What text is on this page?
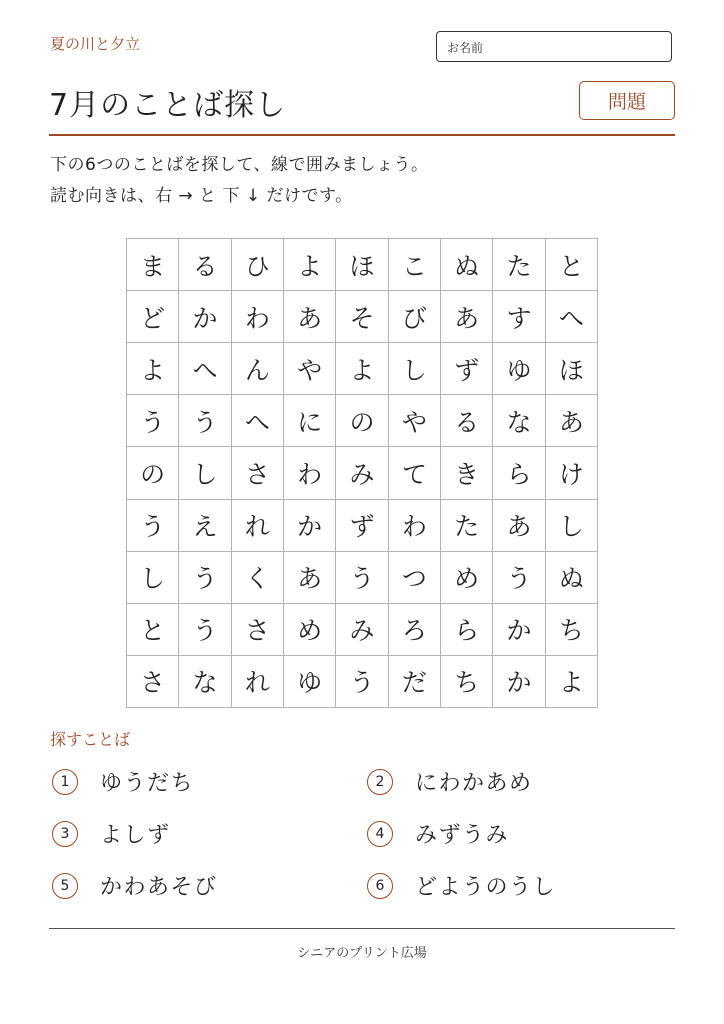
夏の川と夕立	お名前
7月のことば探し	問題
下の6つのことばを探して、線で囲みましょう。
読む向きは、右 → と 下 ↓ だけです。
ま	る	ひ	よ	ほ	こ	ぬ	た	と
ど	か	わ	あ	そ	び	あ	す	へ
よ	へ	ん	や	よ	し	ず	ゆ	ほ
う	う	へ	に	の	や	る	な	あ
の	し	さ	わ	み	て	き	ら	け
う	え	れ	か	ず	わ	た	あ	し
し	う	く	あ	う	つ	め	う	ぬ
と	う	さ	め	み	ろ	ら	か	ち
さ	な	れ	ゆ	う	だ	ち	か	よ
探すことば
1	ゆうだち	2	にわかあめ
3	よしず	4	みずうみ
5	かわあそび	6	どようのうし
シニアのプリント広場
